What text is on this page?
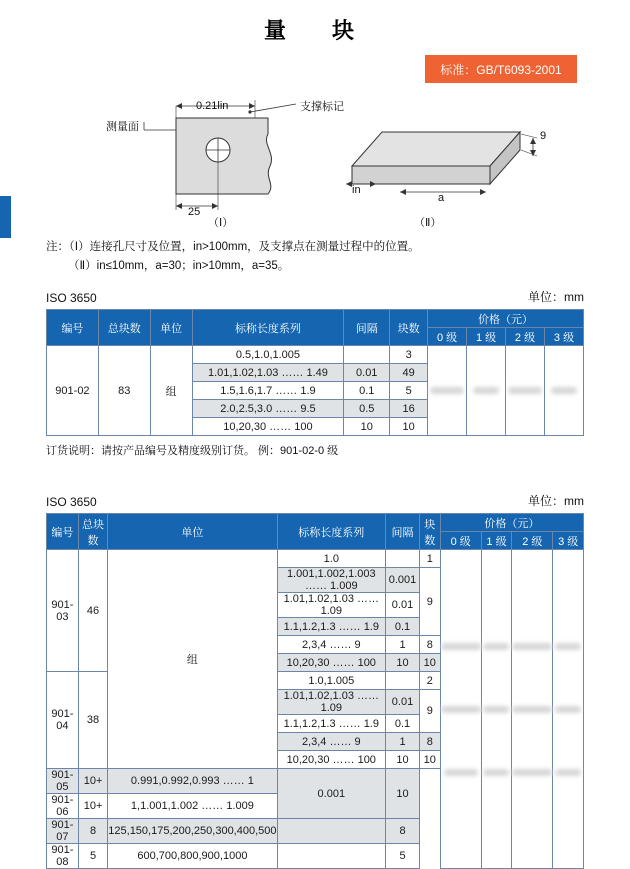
量　块
标准：GB/T6093-2001
0.21lin	支撑标记
测量面
25
（Ⅰ）	（Ⅱ）
9
a
in
注：（Ⅰ）连接孔尺寸及位置，in>100mm，及支撑点在测量过程中的位置。
（Ⅱ）in≤10mm，a=30；in>10mm，a=35。
ISO 3650	单位：mm
编号	总块数	单位	标称长度系列	间隔	块数	价格（元）			
						0 级	1 级	2 级	3 级
901-02	83	组	0.5,1.0,1.005		3	

			1.01,1.02,1.03 …… 1.49	0.01	49				
			1.5,1.6,1.7 …… 1.9	0.1	5				
			2.0,2.5,3.0 …… 9.5	0.5	16				
			10,20,30 …… 100	10	10				
订货说明：请按产品编号及精度级别订货。 例：901-02-0 级
ISO 3650	单位：mm
编号	总块数	单位	标称长度系列	间隔	块数	价格（元）			
						0 级	1 级	2 级	3 级
901-03	46	组	1.0		1	

			1.001,1.002,1.003 …… 1.009	0.001	9				
			1.01,1.02,1.03 …… 1.09	0.01					
			1.1,1.2,1.3 …… 1.9	0.1					
			2,3,4 …… 9	1	8				
			10,20,30 …… 100	10	10				
901-04	38		1.0,1.005		2				
			1.01,1.02,1.03 …… 1.09	0.01	9				
			1.1,1.2,1.3 …… 1.9	0.1					
			2,3,4 …… 9	1	8				
			10,20,30 …… 100	10	10				
901-05	10+	0.991,0.992,0.993 …… 1	0.001	10					
901-06	10+	1,1.001,1.002 …… 1.009							
901-07	8	125,150,175,200,250,300,400,500		8					
901-08	5	600,700,800,900,1000		5					
